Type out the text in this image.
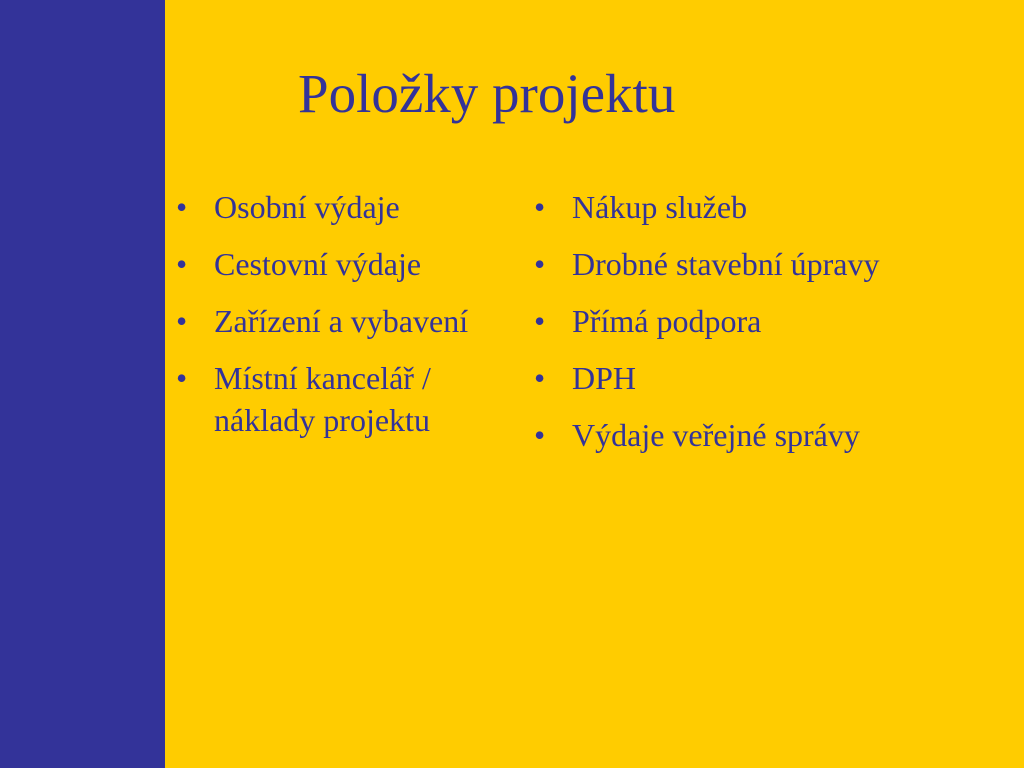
Položky projektu
• Osobní výdaje
• Cestovní výdaje
• Zařízení a vybavení
• Místní kancelář / náklady projektu
• Nákup služeb
• Drobné stavební úpravy
• Přímá podpora
• DPH
• Výdaje veřejné správy
